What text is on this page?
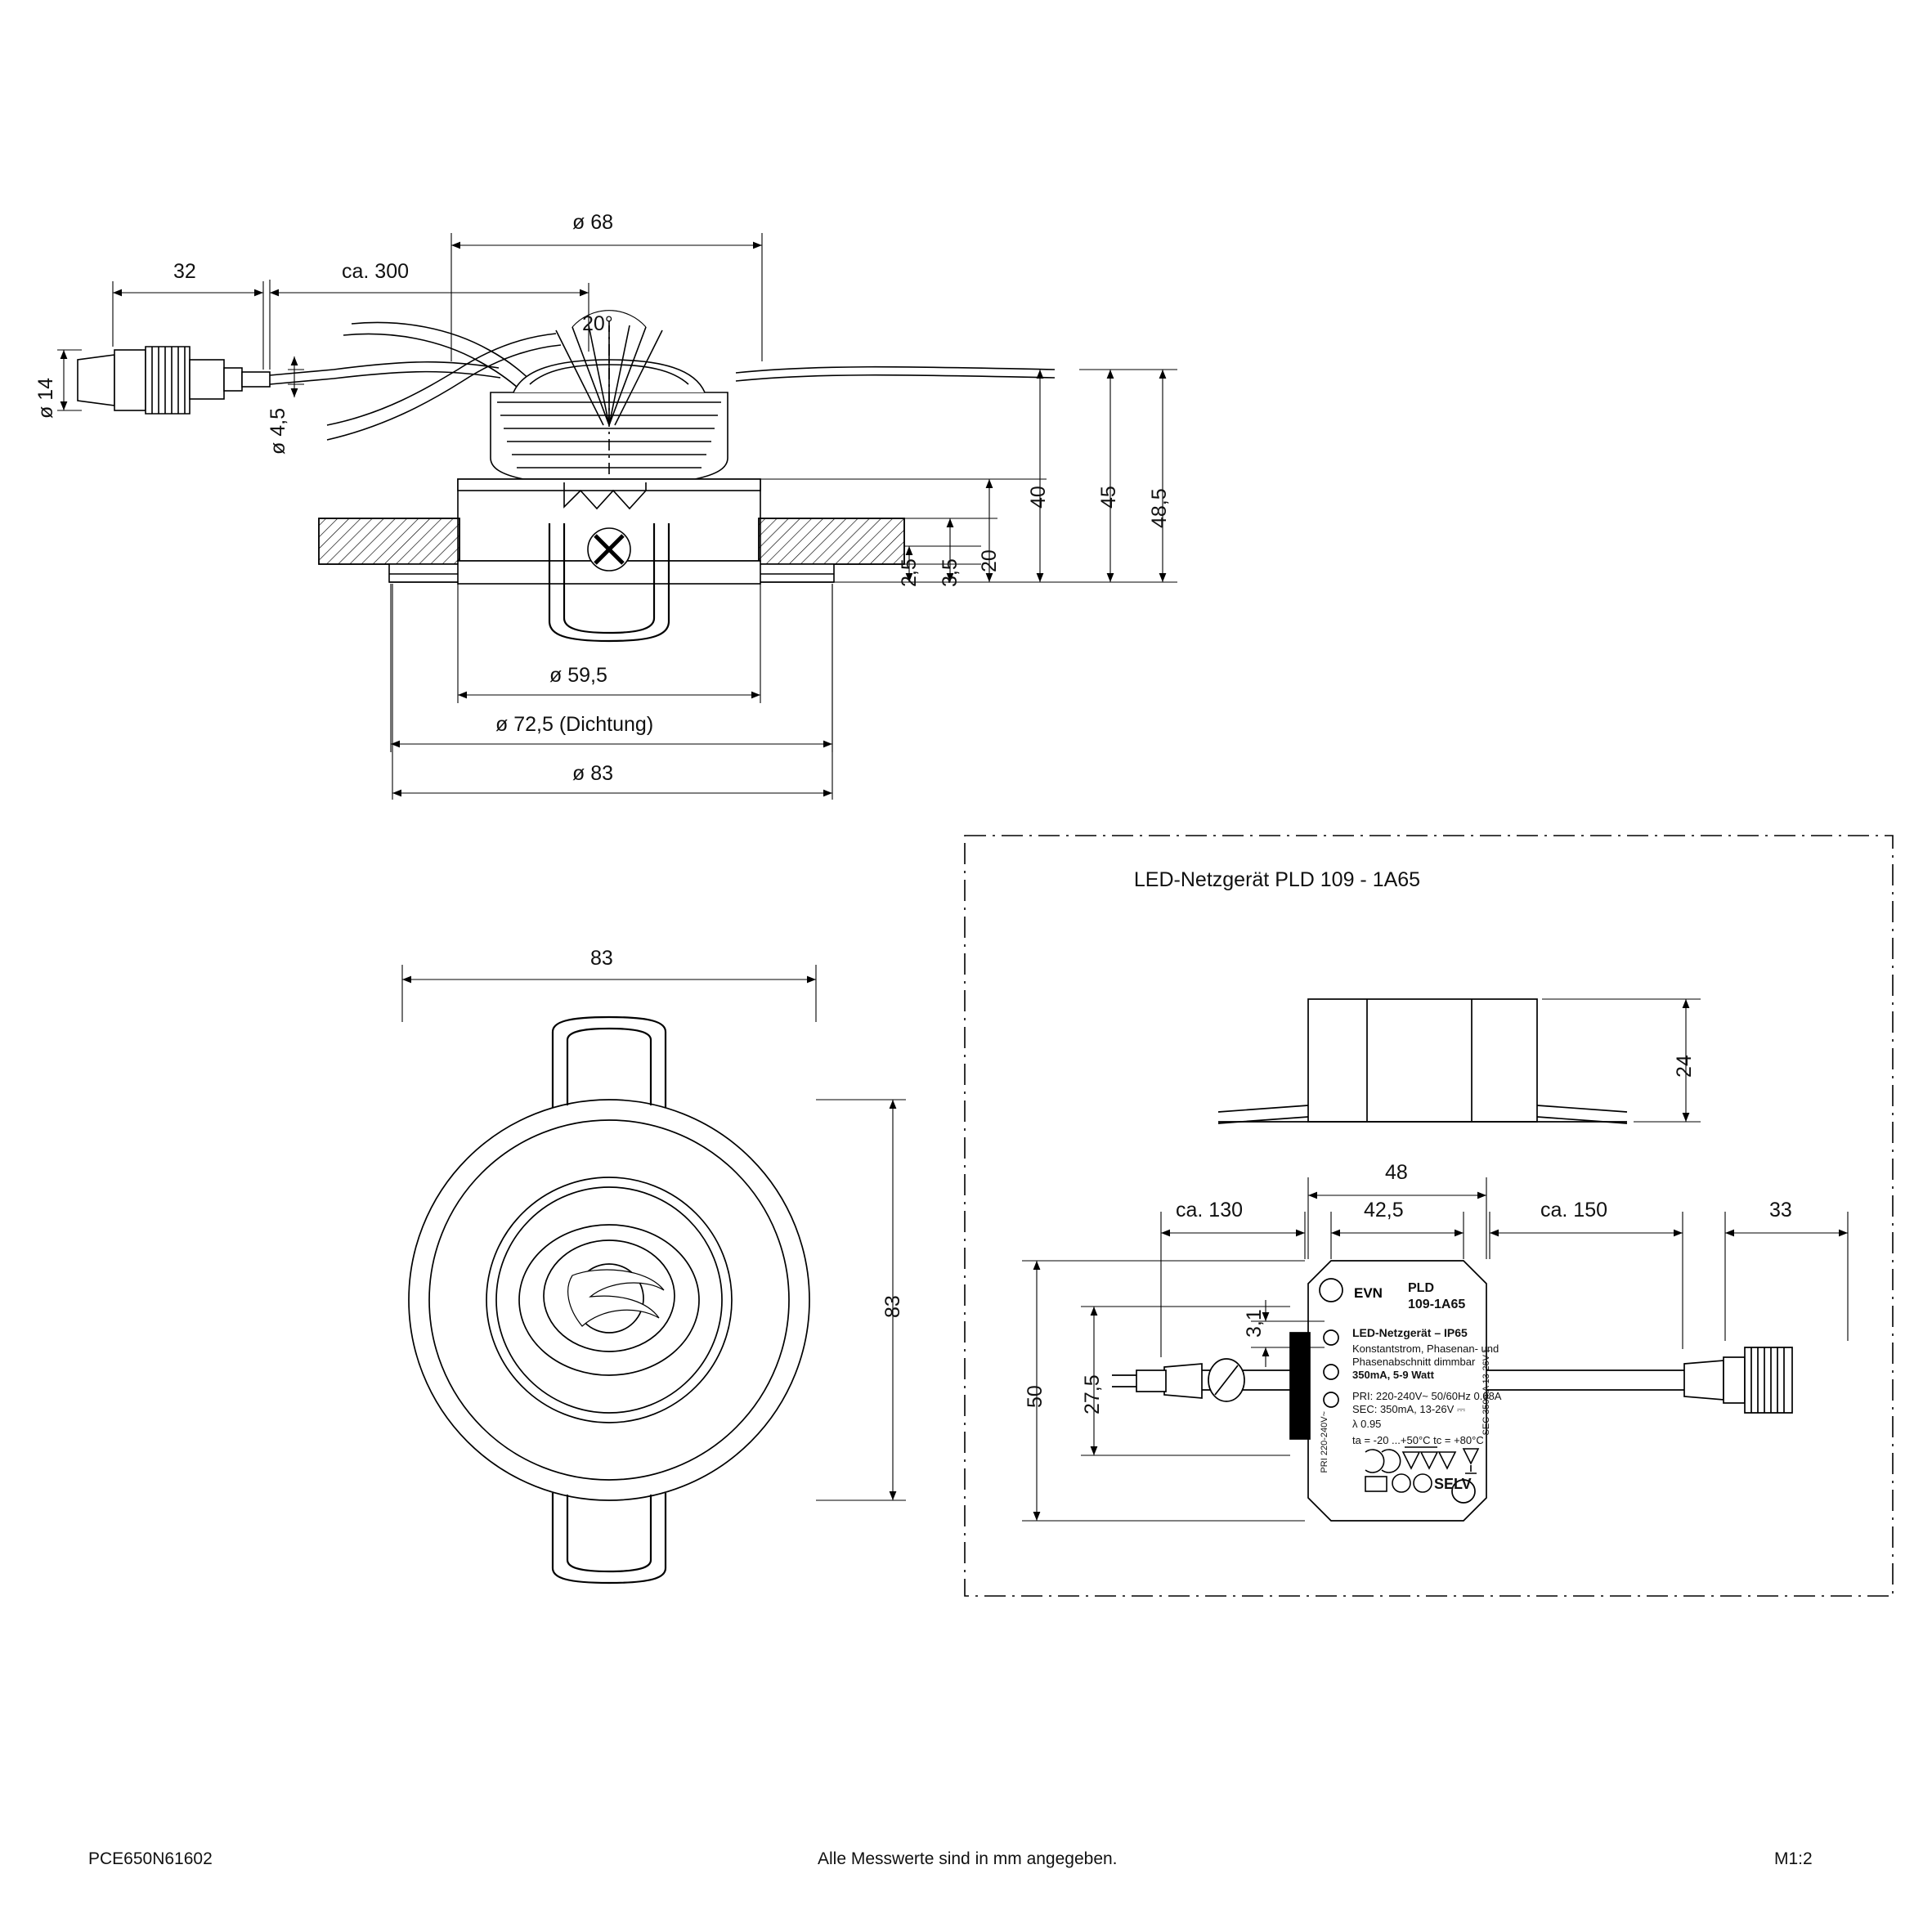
ø 68
ca. 300
32
ø 14
ø 4,5
20°
48,5
45
40
20
3,5
2,5
ø 59,5
ø 72,5 (Dichtung)
ø 83
83
83
LED-Netzgerät PLD 109 - 1A65
24
48
42,5
ca. 130	ca. 150	33
3,1
50 27,5
EVN PLD
109-1A65
LED-Netzgerät – IP65
Konstantstrom, Phasenan- und
Phasenabschnitt dimmbar
350mA, 5-9 Watt
PRI: 220-240V~ 50/60Hz 0.08A
SEC: 350mA, 13-26V ⎓
λ 0.95
ta = -20 ...+50°C tc = +80°C
PRI 220-240V~
SEC 350mA 13-26V⎓
SELV
PCE650N61602	Alle Messwerte sind in mm angegeben.	M1:2
